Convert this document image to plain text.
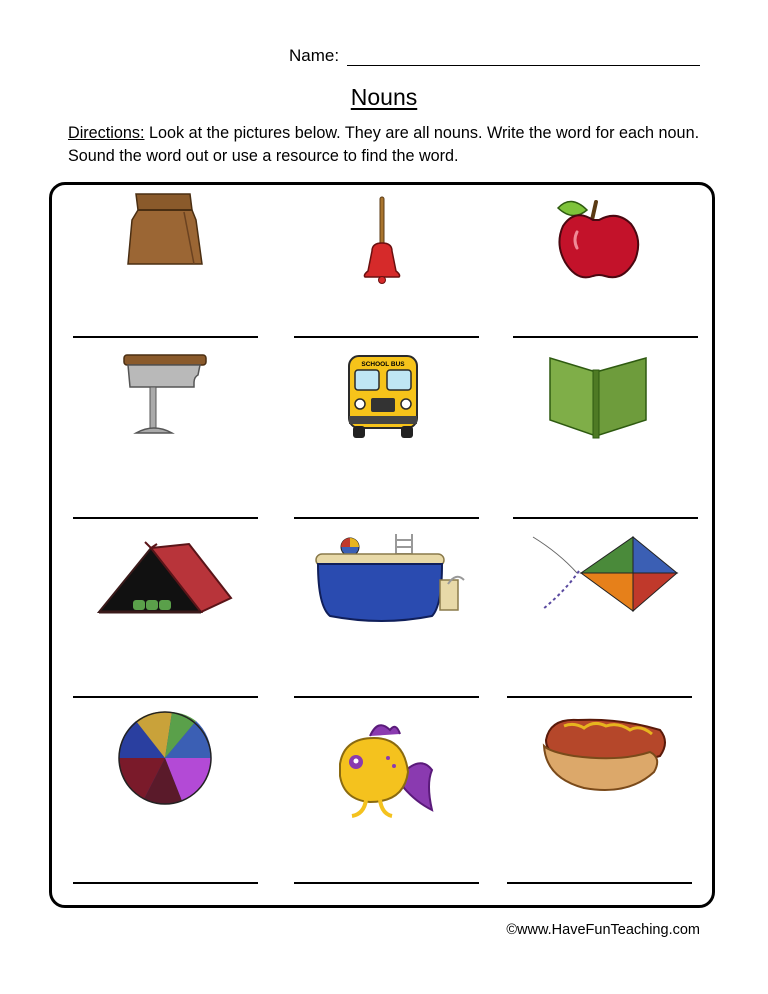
Name:
Nouns
Directions: Look at the pictures below. They are all nouns. Write the word for each noun. Sound the word out or use a resource to find the word.
SCHOOL BUS
©www.HaveFunTeaching.com
